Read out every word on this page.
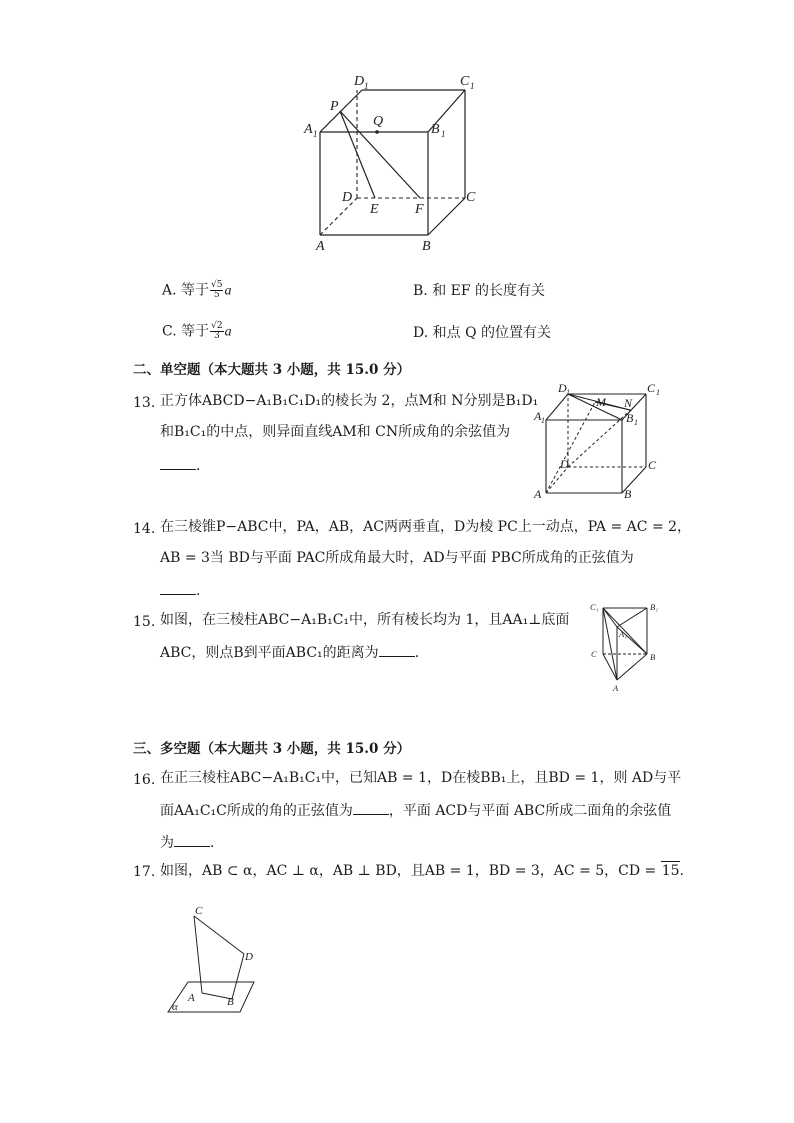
D 1	C 1
A 1	B 1
P
Q
D
E	F
C
A	B
A. 等于 $\frac{√5}{5}$ a	B. 和 EF 的长度有关
C. 等于 $\frac{√2}{3}$ a	D. 和点 Q 的位置有关
二、单空题（本大题共 3 小题，共 15.0 分）
13. 正方体ABCD−A₁B₁C₁D₁的棱长为 2，点M和 N分别是B₁D₁
和B₁C₁的中点，则异面直线AM和 CN所成角的余弦值为
.
D 1	C 1
A 1	B 1
M N
D	C
A	B
14. 在三棱锥P−ABC中，PA，AB，AC两两垂直，D为棱 PC上一动点，PA = AC = 2，
AB = 3当 BD与平面 PAC所成角最大时，AD与平面 PBC所成角的正弦值为
.
15. 如图，在三棱柱ABC−A₁B₁C₁中，所有棱长均为 1，且AA₁⊥底面
ABC，则点B到平面ABC₁的距离为	.
C₁	B₁
A₁
C	B
A
三、多空题（本大题共 3 小题，共 15.0 分）
16. 在正三棱柱ABC−A₁B₁C₁中，已知AB = 1，D在棱BB₁上，且BD = 1，则 AD与平
面AA₁C₁C所成的角的正弦值为	，平面 ACD与平面 ABC所成二面角的余弦值
为	.
17. 如图，AB ⊂ α，AC ⊥ α，AB ⊥ BD，且AB = 1，BD = 3，AC = 5，CD = 15.
C
D
A	B
α
